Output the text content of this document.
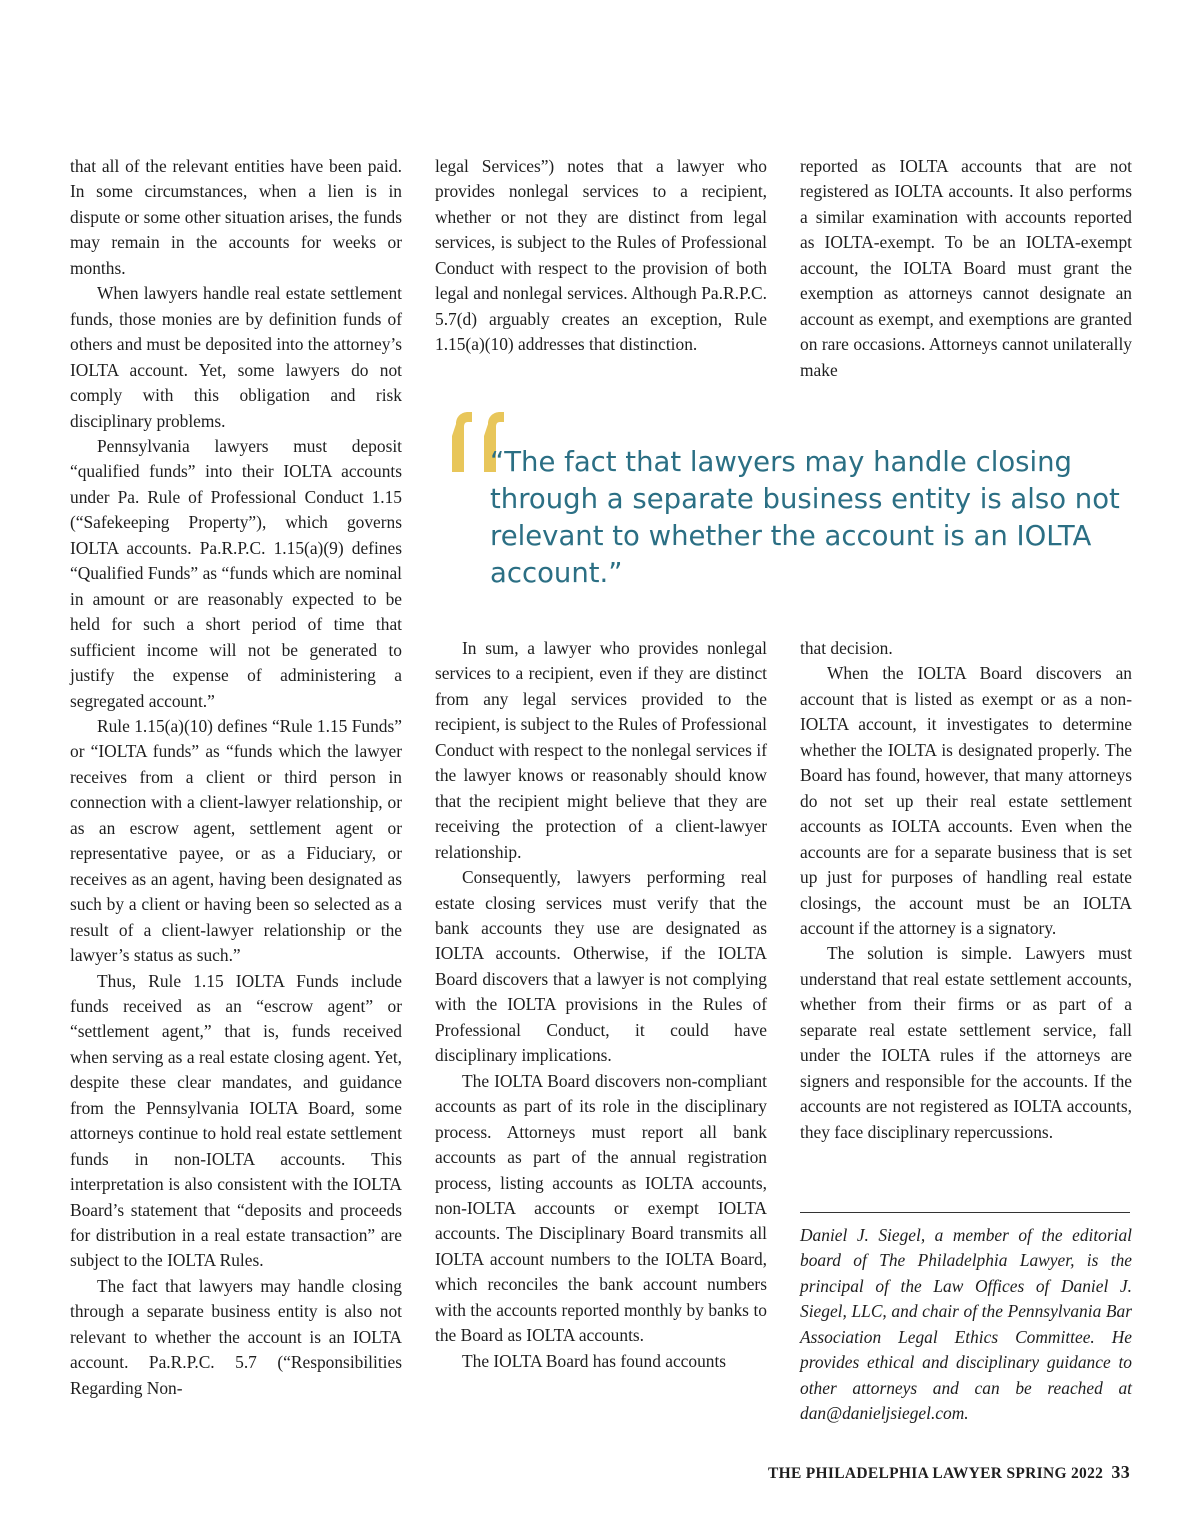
that all of the relevant entities have been paid. In some circumstances, when a lien is in dispute or some other situation arises, the funds may remain in the accounts for weeks or months.

When lawyers handle real estate settlement funds, those monies are by definition funds of others and must be deposited into the attorney’s IOLTA account. Yet, some lawyers do not comply with this obligation and risk disciplinary problems.

Pennsylvania lawyers must deposit “qualified funds” into their IOLTA accounts under Pa. Rule of Professional Conduct 1.15 (“Safekeeping Property”), which governs IOLTA accounts. Pa.R.P.C. 1.15(a)(9) defines “Qualified Funds” as “funds which are nominal in amount or are reasonably expected to be held for such a short period of time that sufficient income will not be generated to justify the expense of administering a segregated account.”

Rule 1.15(a)(10) defines “Rule 1.15 Funds” or “IOLTA funds” as “funds which the lawyer receives from a client or third person in connection with a client-lawyer relationship, or as an escrow agent, settlement agent or representative payee, or as a Fiduciary, or receives as an agent, having been designated as such by a client or having been so selected as a result of a client-lawyer relationship or the lawyer’s status as such.”

Thus, Rule 1.15 IOLTA Funds include funds received as an “escrow agent” or “settlement agent,” that is, funds received when serving as a real estate closing agent. Yet, despite these clear mandates, and guidance from the Pennsylvania IOLTA Board, some attorneys continue to hold real estate settlement funds in non-IOLTA accounts. This interpretation is also consistent with the IOLTA Board’s statement that “deposits and proceeds for distribution in a real estate transaction” are subject to the IOLTA Rules.

The fact that lawyers may handle closing through a separate business entity is also not relevant to whether the account is an IOLTA account. Pa.R.P.C. 5.7 (“Responsibilities Regarding Non-

legal Services”) notes that a lawyer who provides nonlegal services to a recipient, whether or not they are distinct from legal services, is subject to the Rules of Professional Conduct with respect to the provision of both legal and nonlegal services. Although Pa.R.P.C. 5.7(d) arguably creates an exception, Rule 1.15(a)(10) addresses that distinction.

reported as IOLTA accounts that are not registered as IOLTA accounts. It also performs a similar examination with accounts reported as IOLTA-exempt. To be an IOLTA-exempt account, the IOLTA Board must grant the exemption as attorneys cannot designate an account as exempt, and exemptions are granted on rare occasions. Attorneys cannot unilaterally make

“The fact that lawyers may handle closing through a separate business entity is also not relevant to whether the account is an IOLTA account.”

In sum, a lawyer who provides nonlegal services to a recipient, even if they are distinct from any legal services provided to the recipient, is subject to the Rules of Professional Conduct with respect to the nonlegal services if the lawyer knows or reasonably should know that the recipient might believe that they are receiving the protection of a client-lawyer relationship.

Consequently, lawyers performing real estate closing services must verify that the bank accounts they use are designated as IOLTA accounts. Otherwise, if the IOLTA Board discovers that a lawyer is not complying with the IOLTA provisions in the Rules of Professional Conduct, it could have disciplinary implications.

The IOLTA Board discovers non-compliant accounts as part of its role in the disciplinary process. Attorneys must report all bank accounts as part of the annual registration process, listing accounts as IOLTA accounts, non-IOLTA accounts or exempt IOLTA accounts. The Disciplinary Board transmits all IOLTA account numbers to the IOLTA Board, which reconciles the bank account numbers with the accounts reported monthly by banks to the Board as IOLTA accounts.

The IOLTA Board has found accounts

that decision.

When the IOLTA Board discovers an account that is listed as exempt or as a non-IOLTA account, it investigates to determine whether the IOLTA is designated properly. The Board has found, however, that many attorneys do not set up their real estate settlement accounts as IOLTA accounts. Even when the accounts are for a separate business that is set up just for purposes of handling real estate closings, the account must be an IOLTA account if the attorney is a signatory.

The solution is simple. Lawyers must understand that real estate settlement accounts, whether from their firms or as part of a separate real estate settlement service, fall under the IOLTA rules if the attorneys are signers and responsible for the accounts. If the accounts are not registered as IOLTA accounts, they face disciplinary repercussions.

Daniel J. Siegel, a member of the editorial board of The Philadelphia Lawyer, is the principal of the Law Offices of Daniel J. Siegel, LLC, and chair of the Pennsylvania Bar Association Legal Ethics Committee. He provides ethical and disciplinary guidance to other attorneys and can be reached at dan@danieljsiegel.com.

THE PHILADELPHIA LAWYER SPRING 2022 33
